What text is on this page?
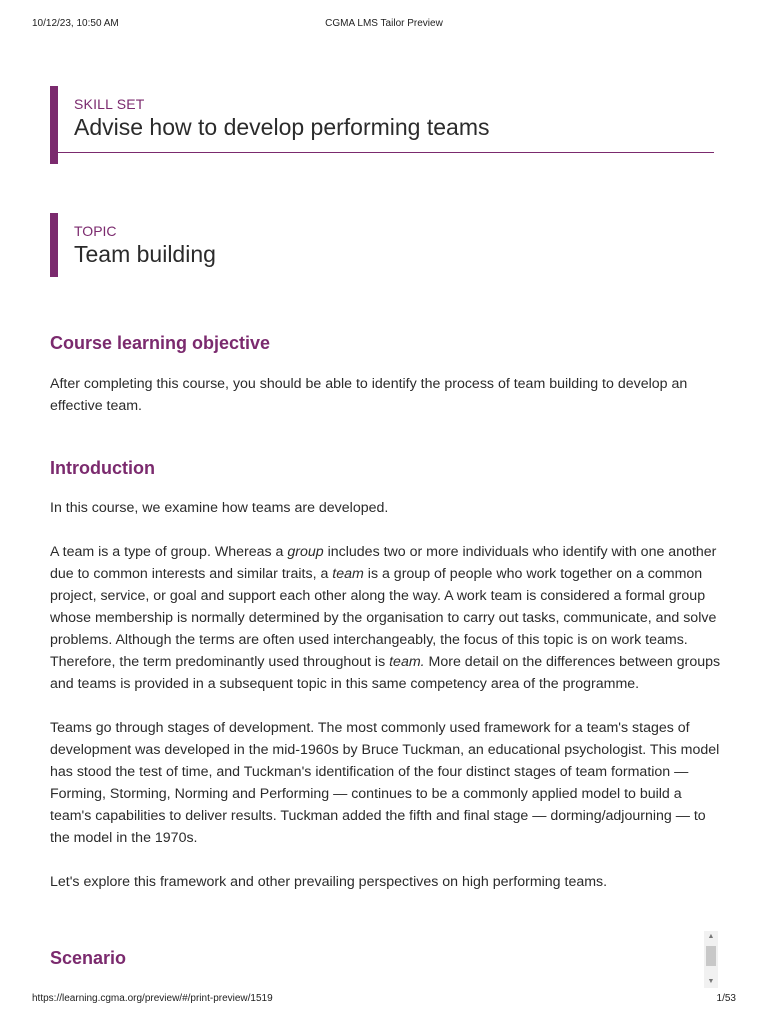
10/12/23, 10:50 AM	CGMA LMS Tailor Preview
SKILL SET
Advise how to develop performing teams
TOPIC
Team building
Course learning objective

After completing this course, you should be able to identify the process of team building to develop an effective team.

Introduction

In this course, we examine how teams are developed.

A team is a type of group. Whereas a group includes two or more individuals who identify with one another due to common interests and similar traits, a team is a group of people who work together on a common project, service, or goal and support each other along the way. A work team is considered a formal group whose membership is normally determined by the organisation to carry out tasks, communicate, and solve problems. Although the terms are often used interchangeably, the focus of this topic is on work teams. Therefore, the term predominantly used throughout is team. More detail on the differences between groups and teams is provided in a subsequent topic in this same competency area of the programme.

Teams go through stages of development. The most commonly used framework for a team's stages of development was developed in the mid-1960s by Bruce Tuckman, an educational psychologist. This model has stood the test of time, and Tuckman's identification of the four distinct stages of team formation — Forming, Storming, Norming and Performing — continues to be a commonly applied model to build a team's capabilities to deliver results. Tuckman added the fifth and final stage — dorming/adjourning — to the model in the 1970s.

Let's explore this framework and other prevailing perspectives on high performing teams.

Scenario
▲
▼
https://learning.cgma.org/preview/#/print-preview/1519	1/53
